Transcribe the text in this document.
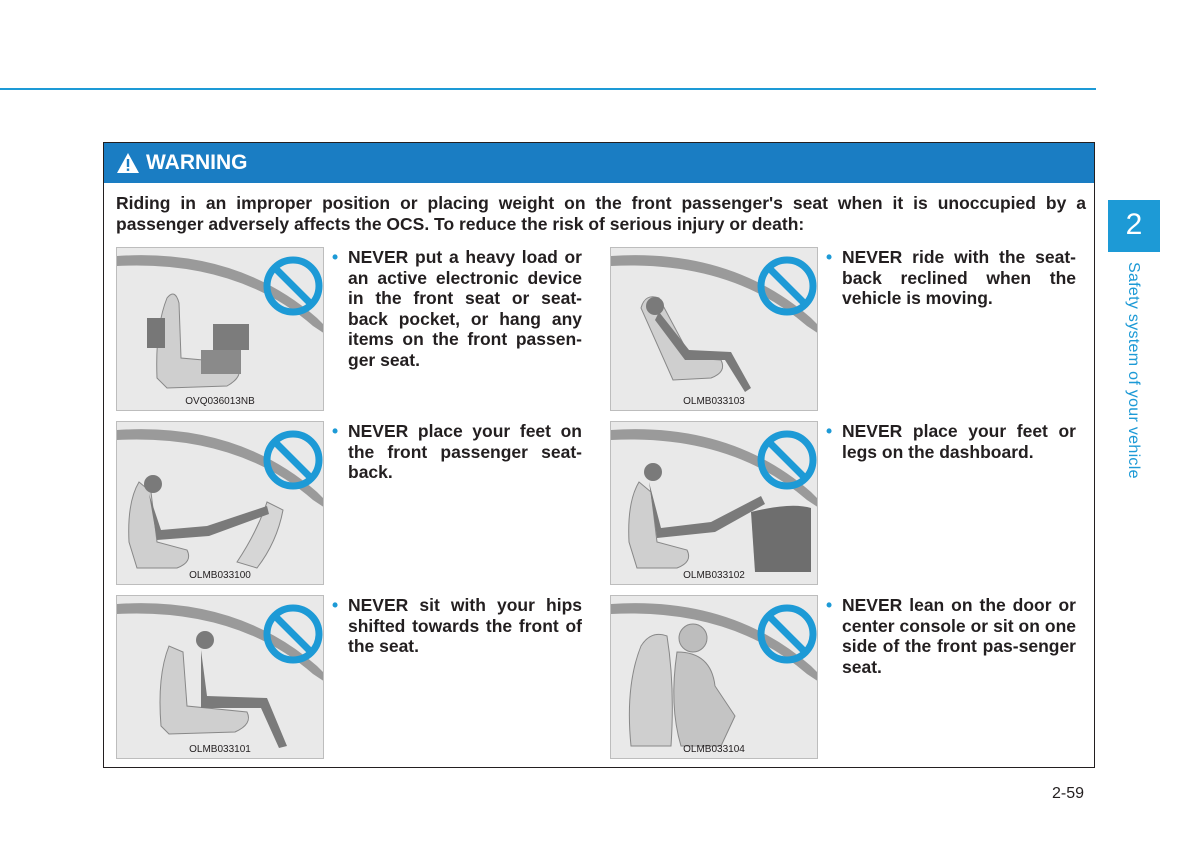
2
Safety system of your vehicle
WARNING
Riding in an improper position or placing weight on the front passenger's seat when it is unoccupied by a passenger adversely affects the OCS. To reduce the risk of serious injury or death:
OVQ036013NB
• NEVER put a heavy load or an active electronic device in the front seat or seat-back pocket, or hang any items on the front passen-ger seat.
OLMB033103
• NEVER ride with the seat-back reclined when the vehicle is moving.
OLMB033100
• NEVER place your feet on the front passenger seat-back.
OLMB033102
• NEVER place your feet or legs on the dashboard.
OLMB033101
• NEVER sit with your hips shifted towards the front of the seat.
OLMB033104
• NEVER lean on the door or center console or sit on one side of the front pas-senger seat.
2-59
